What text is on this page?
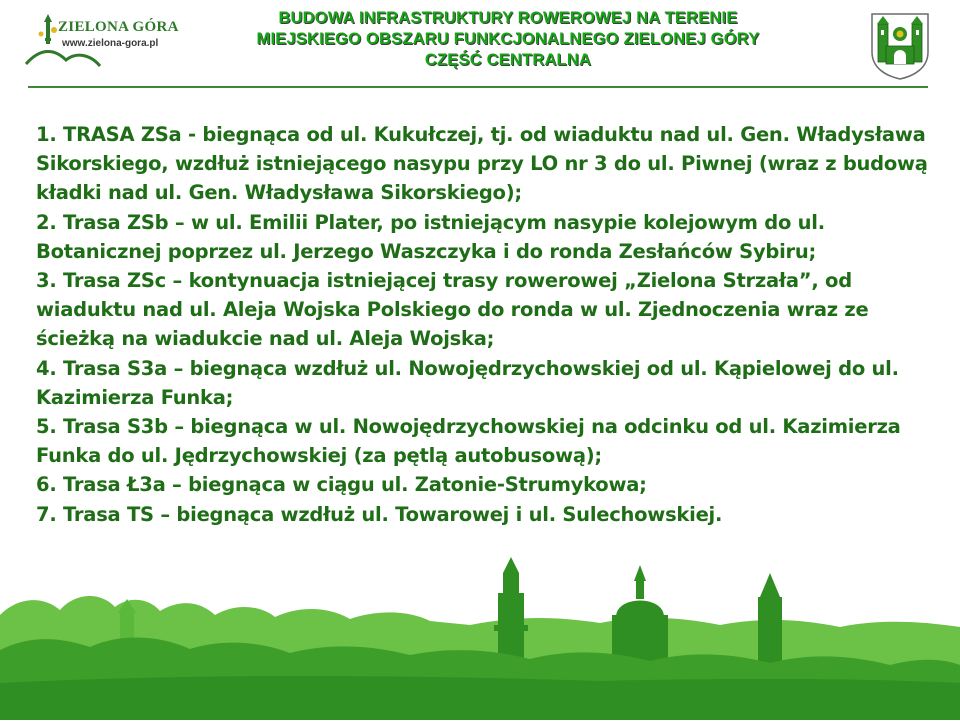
ZIELONA GÓRA
www.zielona-gora.pl
BUDOWA INFRASTRUKTURY ROWEROWEJ NA TERENIE
MIEJSKIEGO OBSZARU FUNKCJONALNEGO ZIELONEJ GÓRY
CZĘŚĆ CENTRALNA

1. TRASA ZSa - biegnąca od ul. Kukułczej, tj. od wiaduktu nad ul. Gen. Władysława Sikorskiego, wzdłuż istniejącego nasypu przy LO nr 3 do ul. Piwnej (wraz z budową kładki nad ul. Gen. Władysława Sikorskiego);

2. Trasa ZSb – w ul. Emilii Plater, po istniejącym nasypie kolejowym do ul. Botanicznej poprzez ul. Jerzego Waszczyka i do ronda Zesłańców Sybiru;

3. Trasa ZSc – kontynuacja istniejącej trasy rowerowej „Zielona Strzała”, od wiaduktu nad ul. Aleja Wojska Polskiego do ronda w ul. Zjednoczenia wraz ze ścieżką na wiadukcie nad ul. Aleja Wojska;

4. Trasa S3a – biegnąca wzdłuż ul. Nowojędrzychowskiej od ul. Kąpielowej do ul. Kazimierza Funka;

5. Trasa S3b – biegnąca w ul. Nowojędrzychowskiej na odcinku od ul. Kazimierza Funka do ul. Jędrzychowskiej (za pętlą autobusową);

6. Trasa Ł3a – biegnąca w ciągu ul. Zatonie-Strumykowa;

7. Trasa TS – biegnąca wzdłuż ul. Towarowej i ul. Sulechowskiej.
